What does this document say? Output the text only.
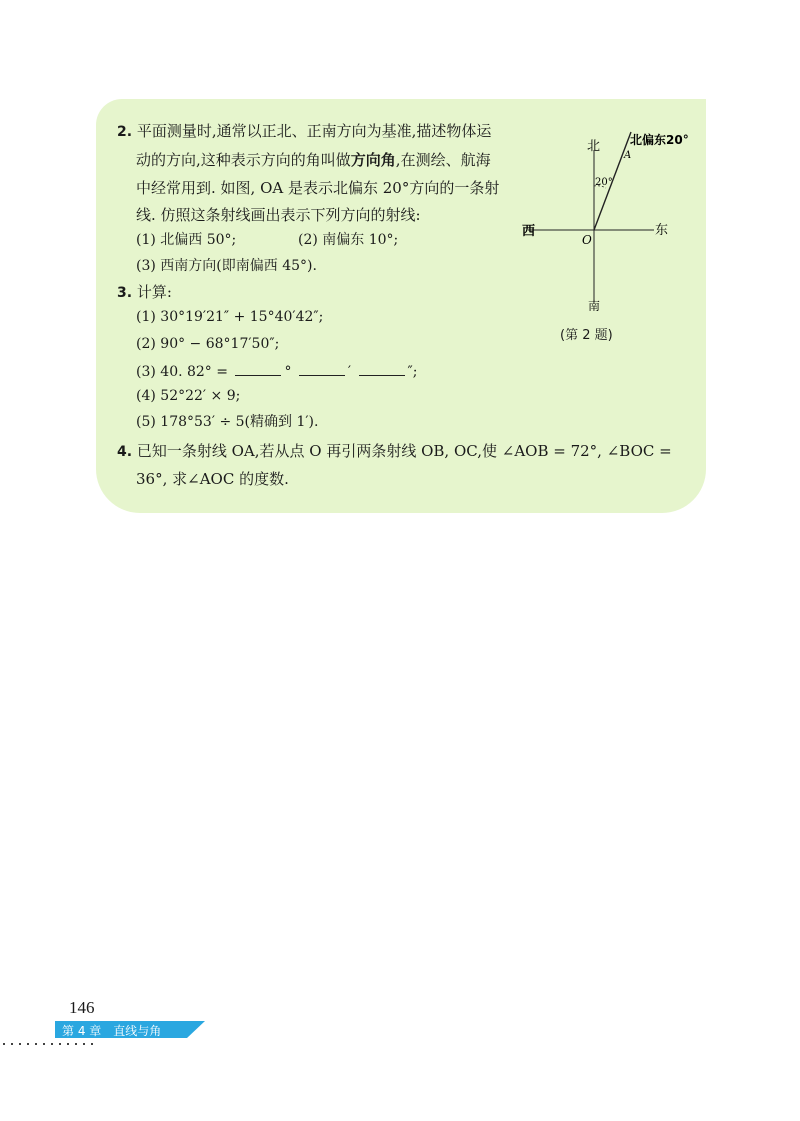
2. 平面测量时,通常以正北、正南方向为基准,描述物体运
动的方向,这种表示方向的角叫做方向角,在测绘、航海
中经常用到. 如图, OA 是表示北偏东 20°方向的一条射
线. 仿照这条射线画出表示下列方向的射线:
(1) 北偏西 50°;	(2) 南偏东 10°;
(3) 西南方向(即南偏西 45°).
3. 计算:
(1) 30°19′21″ + 15°40′42″;
(2) 90° − 68°17′50″;
(3) 40. 82° =	°	′	″;
(4) 52°22′ × 9;
(5) 178°53′ ÷ 5(精确到 1′).
4. 已知一条射线 OA,若从点 O 再引两条射线 OB, OC,使 ∠AOB = 72°, ∠BOC =
36°, 求∠AOC 的度数.
北
南
东
西
O
A
北偏东20°
20°
(第 2 题)
146
第 4 章　直线与角
